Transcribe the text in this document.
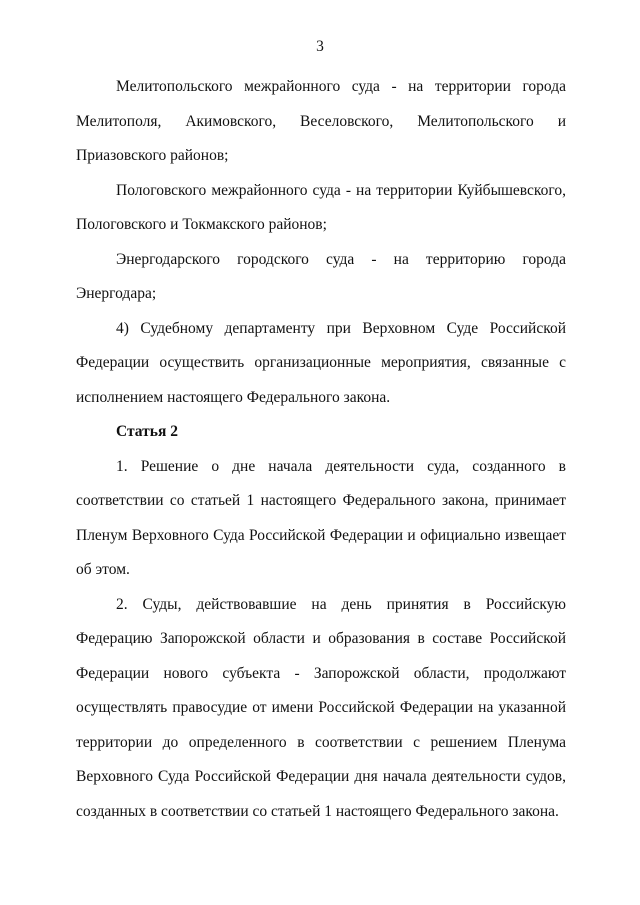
3

Мелитопольского межрайонного суда - на территории города Мелитополя, Акимовского, Веселовского, Мелитопольского и Приазовского районов;

Пологовского межрайонного суда - на территории Куйбышевского, Пологовского и Токмакского районов;

Энергодарского городского суда - на территорию города Энергодара;

4) Судебному департаменту при Верховном Суде Российской Федерации осуществить организационные мероприятия, связанные с исполнением настоящего Федерального закона.

Статья 2

1. Решение о дне начала деятельности суда, созданного в соответствии со статьей 1 настоящего Федерального закона, принимает Пленум Верховного Суда Российской Федерации и официально извещает об этом.

2. Суды, действовавшие на день принятия в Российскую Федерацию Запорожской области и образования в составе Российской Федерации нового субъекта - Запорожской области, продолжают осуществлять правосудие от имени Российской Федерации на указанной территории до определенного в соответствии с решением Пленума Верховного Суда Российской Федерации дня начала деятельности судов, созданных в соответствии со статьей 1 настоящего Федерального закона.
